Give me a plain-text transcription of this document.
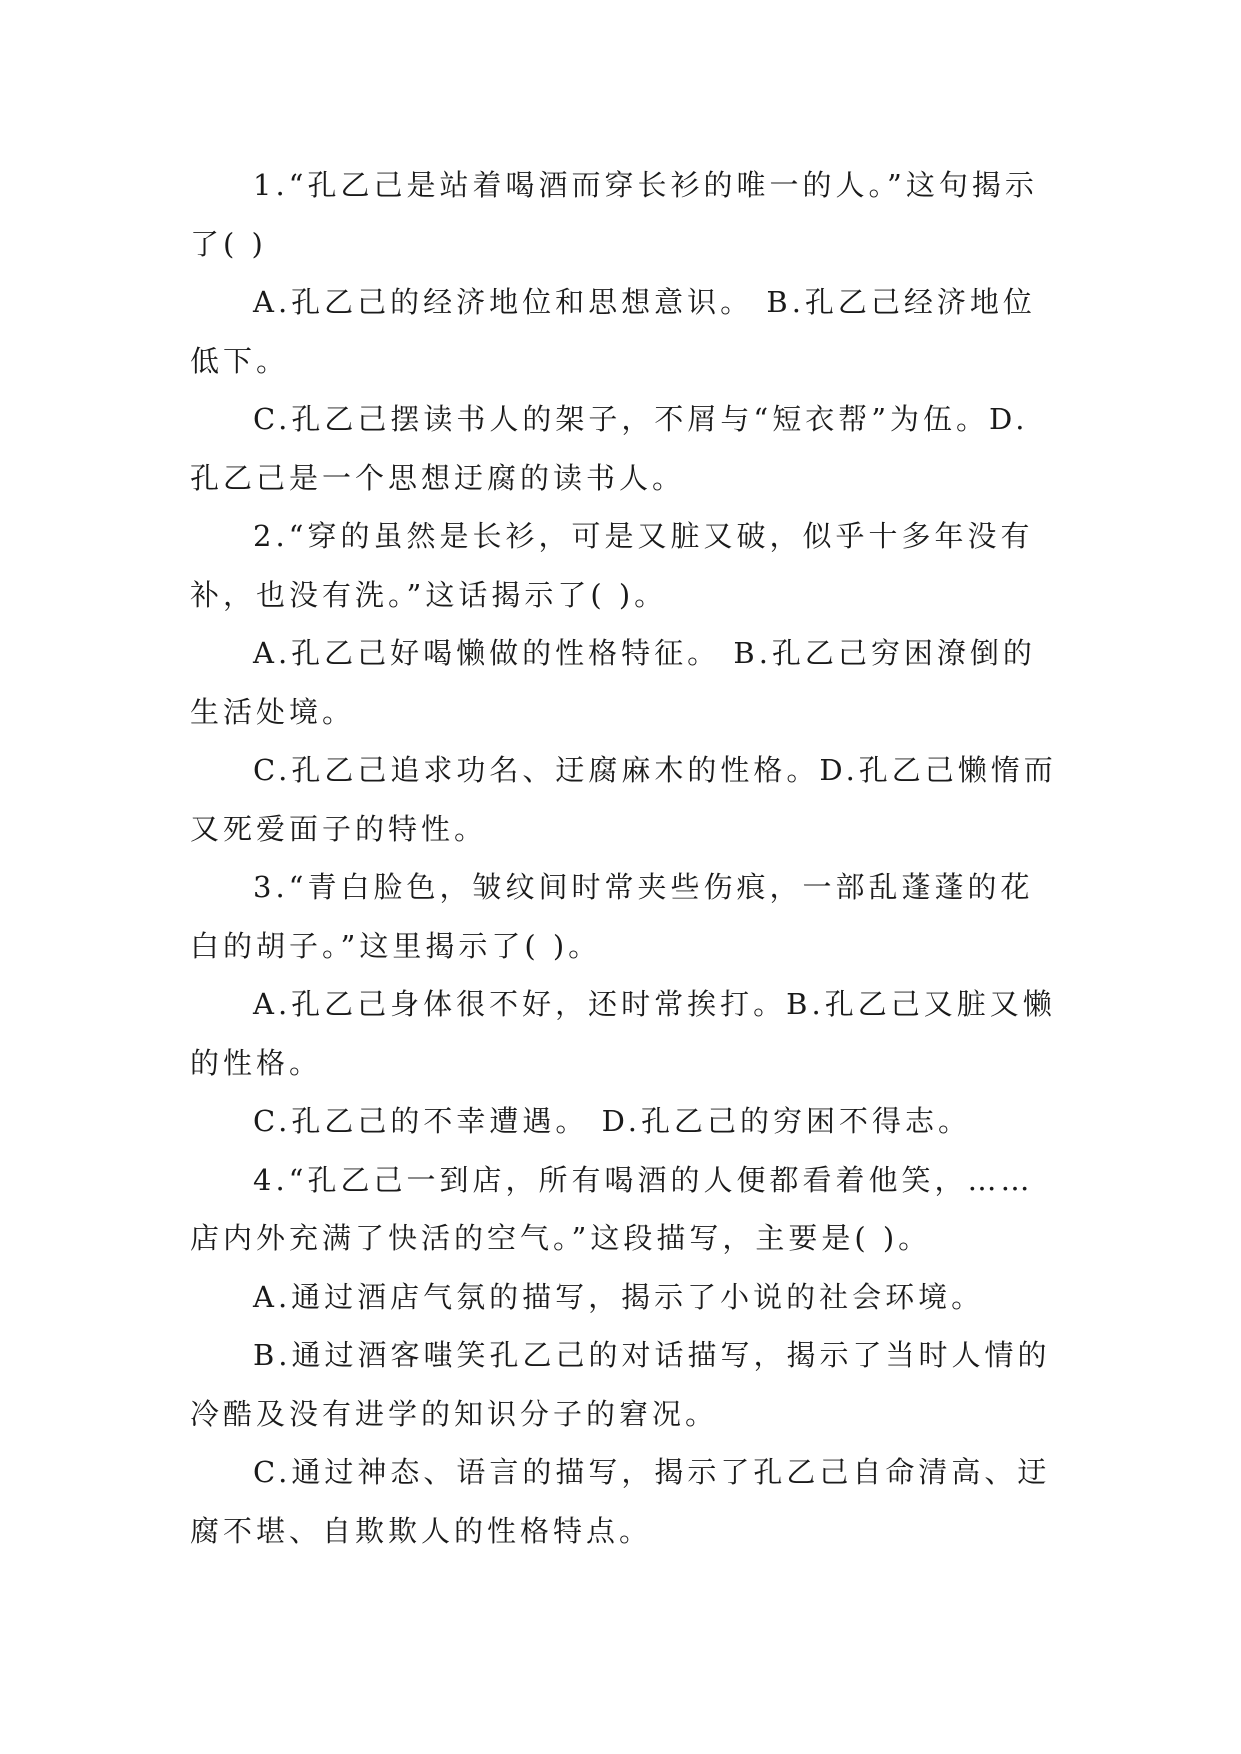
1.“孔乙己是站着喝酒而穿长衫的唯一的人。”这句揭示了( )

A.孔乙己的经济地位和思想意识。 B.孔乙己经济地位低下。

C.孔乙己摆读书人的架子，不屑与“短衣帮”为伍。D.孔乙己是一个思想迂腐的读书人。

2.“穿的虽然是长衫，可是又脏又破，似乎十多年没有补，也没有洗。”这话揭示了( )。

A.孔乙己好喝懒做的性格特征。 B.孔乙己穷困潦倒的生活处境。

C.孔乙己追求功名、迂腐麻木的性格。D.孔乙己懒惰而又死爱面子的特性。

3.“青白脸色，皱纹间时常夹些伤痕，一部乱蓬蓬的花白的胡子。”这里揭示了( )。

A.孔乙己身体很不好，还时常挨打。B.孔乙己又脏又懒的性格。

C.孔乙己的不幸遭遇。 D.孔乙己的穷困不得志。

4.“孔乙己一到店，所有喝酒的人便都看着他笑，……店内外充满了快活的空气。”这段描写，主要是( )。

A.通过酒店气氛的描写，揭示了小说的社会环境。

B.通过酒客嗤笑孔乙己的对话描写，揭示了当时人情的冷酷及没有进学的知识分子的窘况。

C.通过神态、语言的描写，揭示了孔乙己自命清高、迂腐不堪、自欺欺人的性格特点。
